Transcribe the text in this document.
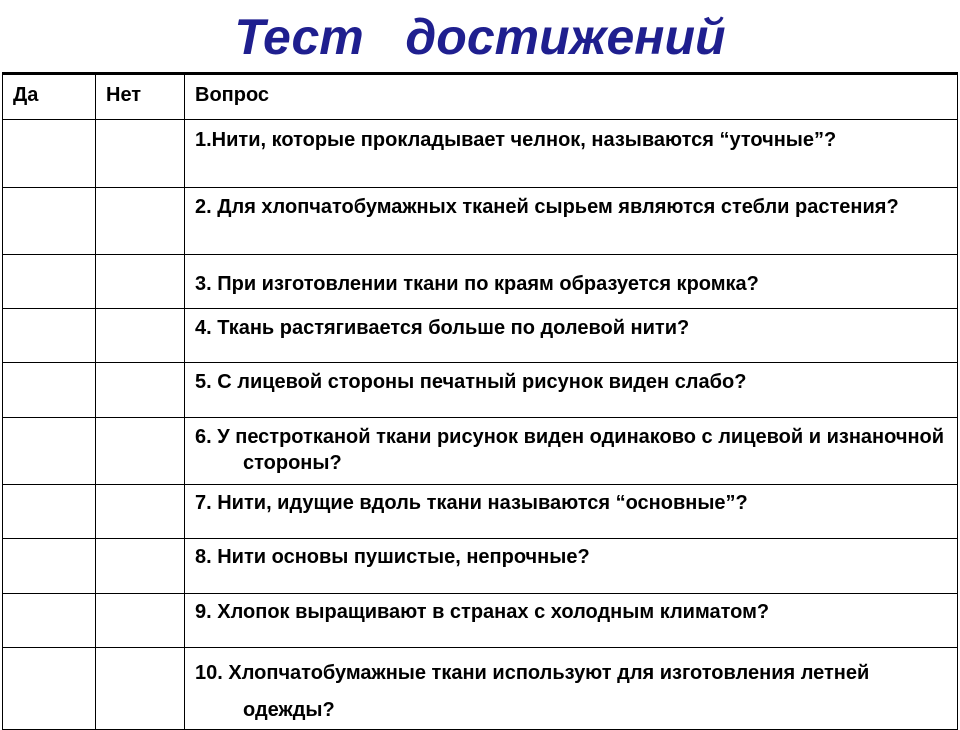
Тест   достижений
Да	Нет	Вопрос

		1.Нити, которые прокладывает челнок, называются “уточные”?

		2. Для хлопчатобумажных тканей сырьем являются стебли растения?

		3. При изготовлении ткани по краям образуется кромка?

		4. Ткань растягивается больше по долевой нити?

		5. С лицевой стороны печатный рисунок виден слабо?

		6. У пестротканой ткани рисунок виден одинаково с лицевой и изнаночной стороны?

		7. Нити, идущие вдоль ткани называются “основные”?

		8. Нити основы пушистые, непрочные?

		9. Хлопок выращивают в странах с холодным климатом?

		10. Хлопчатобумажные ткани используют для изготовления летней одежды?
